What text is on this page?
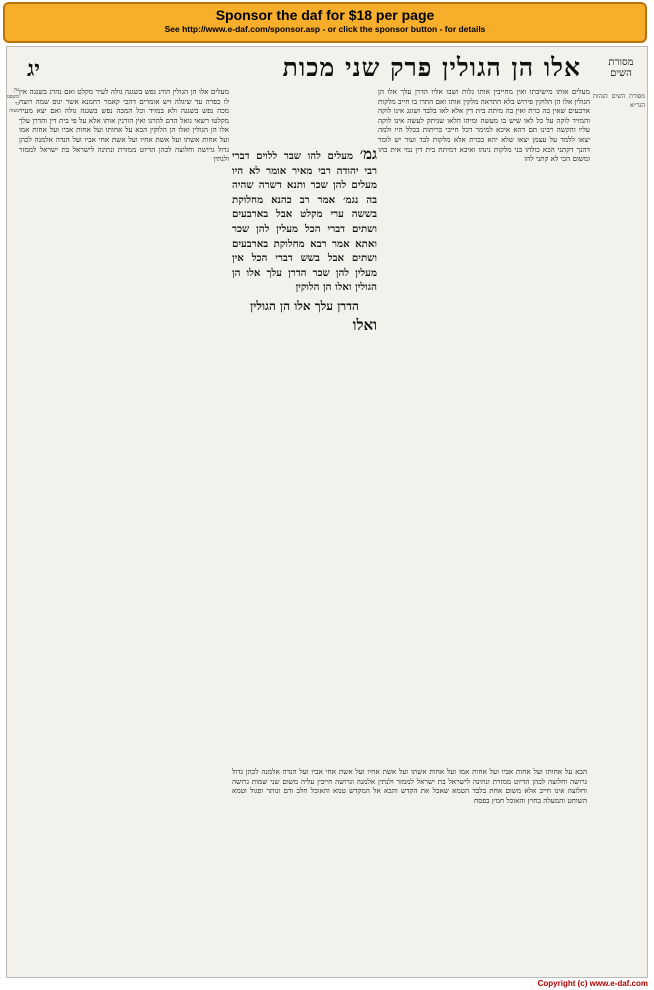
Sponsor the daf for $18 per page
See http://www.e-daf.com/sponsor.asp - or click the sponsor button - for details
מסורת השים
יג	אלו הן הגולין פרק שני מכות
עין משפט נר מצוה
מעלים אלו הן הגולין הורג נפש בשגגה גולה לעיר מקלט ואם נהרג בשגגה אין לו כפרה עד שיגלה ויש אומרים דהכי קאמר רחמנא אשר ינוס שמה רוצח מכה נפש בשגגה ולא במזיד וכל המכה נפש בשגגה גולה ואם יצא מעיר מקלטו רשאי גואל הדם להרגו ואין הורגין אותו אלא על פי בית דין והדרן עלך אלו הן הגולין ואלו הן הלוקין הבא על אחותו ועל אחות אביו ועל אחות אמו ועל אחות אשתו ועל אשת אחיו ועל אשת אחי אביו ועל הנדה אלמנה לכהן גדול גרושה וחלוצה לכהן הדיוט ממזרת ונתינה לישראל בת ישראל לממזר ולנתין	גמ׳ מעלים להו שבר ללוים דברי רבי יהודה רבי מאיר אומר לא היו מעלים להן שכר ותנא דשרה שהיה בה נגמ׳ אמר רב כהנא מחלוקת בששה ערי מקלט אבל בארבעים ושתים דברי הכל מעלין להן שכר ואתא אמר רבא מחלוקת בארבעים ושתים אבל בשש דברי הכל אין מעלין להן שכר הדרן עלך אלו הן הגולין ואלו הן הלוקין
הדרן עלך אלו הן הגולין
ואלו
מעלים אותו מישיבתו ואין מחייבין אותו גלות ושבו אליו הדרן עלך אלו הן הגולין אלו הן הלוקין פירוש בלא התראה מלקין אותו ואם התרו בו חייב מלקות ארבעים שאין בה כרת ואין בה מיתת בית דין אלא לאו בלבד ושוגג אינו לוקה והמזיד לוקה על כל לאו שיש בו מעשה ומיהו הלאו שניתק לעשה אינו לוקה עליו והקשה רבינו תם דהא איכא למימר דכל חייבי כריתות בכלל היו ולמה יצאו ללמד על עצמן יצאו שלא יהא בכרת אלא מלקות לבד ועוד יש לומר דהנך דקתני הכא כולהו בני מלקות נינהו ואיכא דמיתת בית דין נמי אית בהו ומשום הכי לא קתני להו
מסורת השים הגהות הגר״א
הבא על אחותו ועל אחות אביו ועל אחות אמו ועל אחות אשתו ועל אשת אחיו ועל אשת אחי אביו ועל הנדה אלמנה לכהן גדול גרושה וחלוצה לכהן הדיוט ממזרת ונתינה לישראל בת ישראל לממזר ולנתין אלמנה וגרושה חייבין עליה משום שני שמות גרושה וחלוצה אינו חייב אלא משום אחת בלבד הטמא שאכל את הקדש והבא אל המקדש טמא והאוכל חלב ודם ונותר ופגול וטמא השוחט והמעלה בחוץ והאוכל חמץ בפסח
Copyright (c) www.e-daf.com
